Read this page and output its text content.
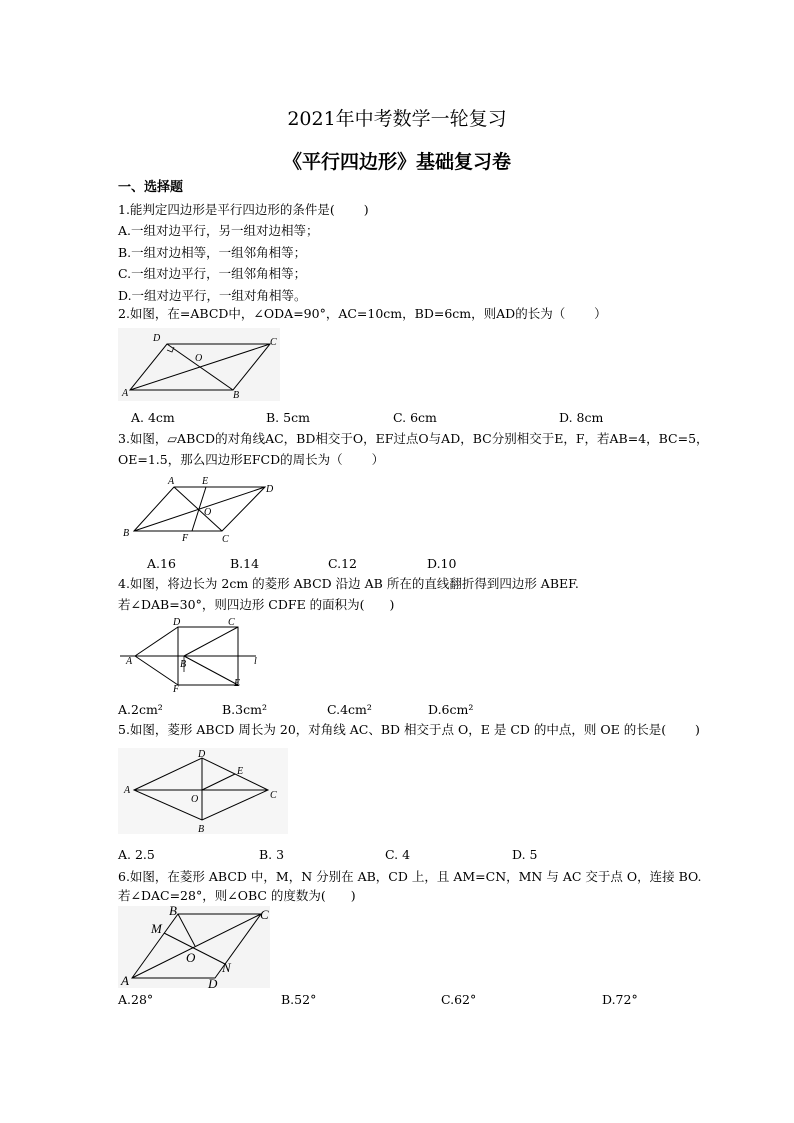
2021年中考数学一轮复习
《平行四边形》基础复习卷
一、选择题
1.能判定四边形是平行四边形的条件是(　　 )
A.一组对边平行，另一组对边相等；
B.一组对边相等，一组邻角相等；
C.一组对边平行，一组邻角相等；
D.一组对边平行，一组对角相等。
2.如图，在=ABCD中，∠ODA=90°，AC=10cm，BD=6cm，则AD的长为（　　 ）
A	B
C
D
O
A. 4cm	B. 5cm	C. 6cm	D. 8cm
3.如图，▱ABCD的对角线AC，BD相交于O，EF过点O与AD，BC分别相交于E，F，若AB=4，BC=5，
OE=1.5，那么四边形EFCD的周长为（　　 ）
A
B
C
D
E
F
O
A.16	B.14	C.12	D.10
4.如图，将边长为 2cm 的菱形 ABCD 沿边 AB 所在的直线翻折得到四边形 ABEF.
若∠DAB=30°，则四边形 CDFE 的面积为(　　)
A	B
C
D
E
F
l
A.2cm²	B.3cm²	C.4cm²	D.6cm²
5.如图，菱形 ABCD 周长为 20，对角线 AC、BD 相交于点 O，E 是 CD 的中点，则 OE 的长是(　　 )
A
B
C
D
E
O
A. 2.5	B. 3	C. 4	D. 5
6.如图，在菱形 ABCD 中，M，N 分别在 AB，CD 上，且 AM=CN，MN 与 AC 交于点 O，连接 BO.
若∠DAC=28°，则∠OBC 的度数为(　　)
A
B	C
D
M
N
O
A.28°	B.52°	C.62°	D.72°
